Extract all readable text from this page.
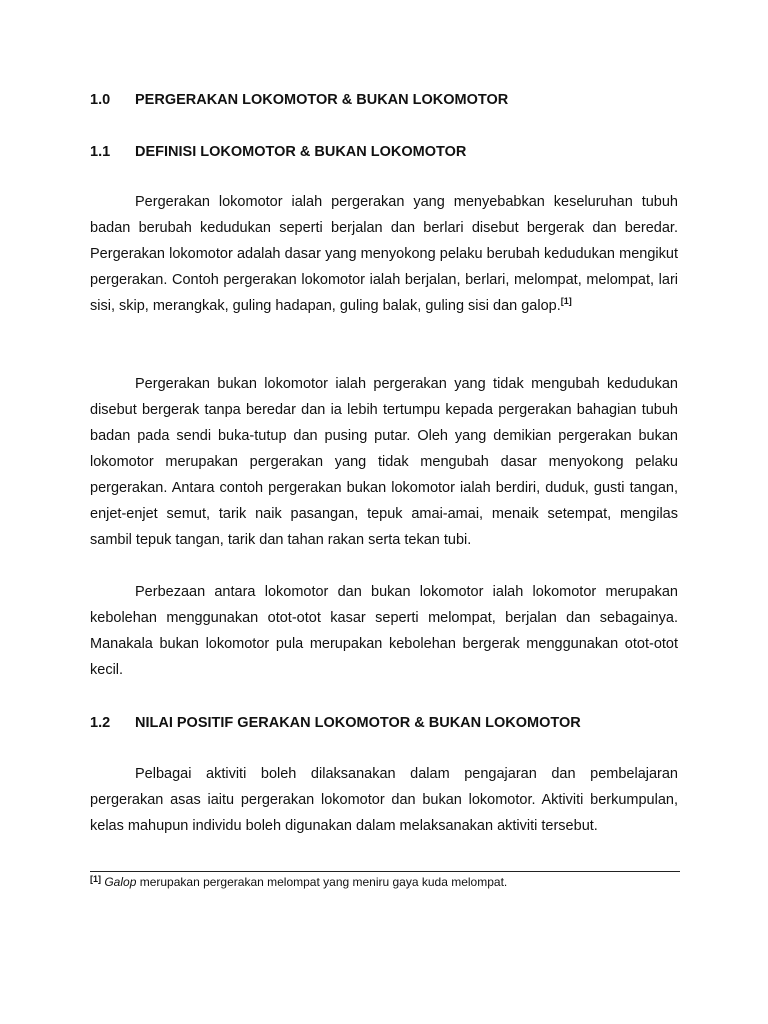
1.0	PERGERAKAN LOKOMOTOR & BUKAN LOKOMOTOR
1.1	DEFINISI LOKOMOTOR & BUKAN LOKOMOTOR

Pergerakan lokomotor ialah pergerakan yang menyebabkan keseluruhan tubuh badan berubah kedudukan seperti berjalan dan berlari disebut bergerak dan beredar. Pergerakan lokomotor adalah dasar yang menyokong pelaku berubah kedudukan mengikut pergerakan. Contoh pergerakan lokomotor ialah berjalan, berlari, melompat, melompat, lari sisi, skip, merangkak, guling hadapan, guling balak, guling sisi dan galop.[1]

Pergerakan bukan lokomotor ialah pergerakan yang tidak mengubah kedudukan disebut bergerak tanpa beredar dan ia lebih tertumpu kepada pergerakan bahagian tubuh badan pada sendi buka-tutup dan pusing putar. Oleh yang demikian pergerakan bukan lokomotor merupakan pergerakan yang tidak mengubah dasar menyokong pelaku pergerakan. Antara contoh pergerakan bukan lokomotor ialah berdiri, duduk, gusti tangan, enjet-enjet semut, tarik naik pasangan, tepuk amai-amai, menaik setempat, mengilas sambil tepuk tangan, tarik dan tahan rakan serta tekan tubi.

Perbezaan antara lokomotor dan bukan lokomotor ialah lokomotor merupakan kebolehan menggunakan otot-otot kasar seperti melompat, berjalan dan sebagainya. Manakala bukan lokomotor pula merupakan kebolehan bergerak menggunakan otot-otot kecil.

1.2	NILAI POSITIF GERAKAN LOKOMOTOR & BUKAN LOKOMOTOR

Pelbagai aktiviti boleh dilaksanakan dalam pengajaran dan pembelajaran pergerakan asas iaitu pergerakan lokomotor dan bukan lokomotor. Aktiviti berkumpulan, kelas mahupun individu boleh digunakan dalam melaksanakan aktiviti tersebut.

[1] Galop merupakan pergerakan melompat yang meniru gaya kuda melompat.
